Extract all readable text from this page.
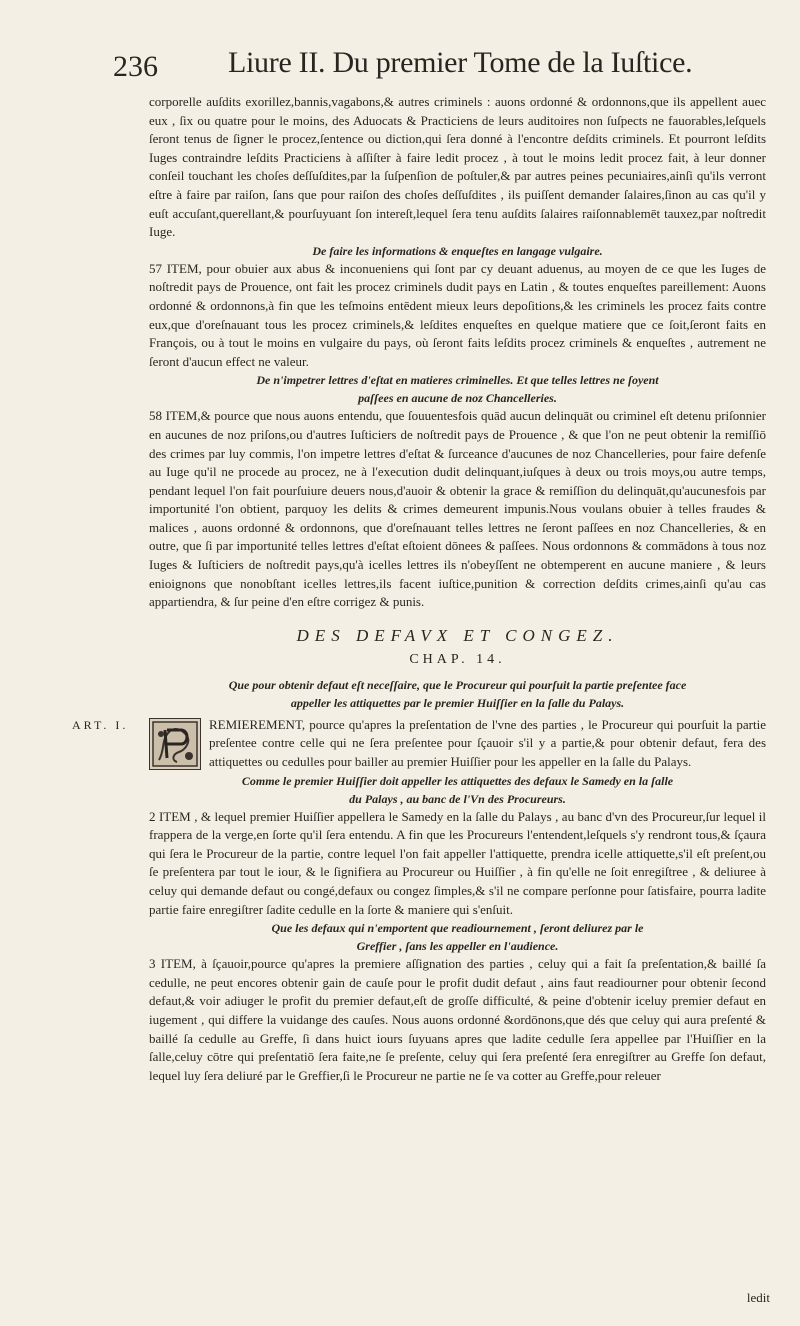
236 Liure II. Du premier Tome de la Iuſtice.

corporelle auſdits exorillez,bannis,vagabons,& autres criminels : auons ordonné & ordonnons,que ils appellent auec eux , ſix ou quatre pour le moins, des Aduocats & Practiciens de leurs auditoires non ſuſpects ne fauorables,leſquels ſeront tenus de ſigner le procez,ſentence ou diction,qui ſera donné à l'encontre deſdits criminels. Et pourront leſdits Iuges contraindre leſdits Practiciens à aſſiſter à faire ledit procez , à tout le moins ledit procez fait, à leur donner conſeil touchant les choſes deſſuſdites,par la ſuſpenſion de poſtuler,& par autres peines pecuniaires,ainſi qu'ils verront eſtre à faire par raiſon, ſans que pour raiſon des choſes deſſuſdites , ils puiſſent demander ſalaires,ſinon au cas qu'il y euſt accuſant,querellant,& pourſuyuant ſon intereſt,lequel ſera tenu auſdits ſalaires raiſonnablemēt tauxez,par noſtredit Iuge.

De faire les informations & enqueſtes en langage vulgaire.

57 ITEM, pour obuier aux abus & inconueniens qui ſont par cy deuant aduenus, au moyen de ce que les Iuges de noſtredit pays de Prouence, ont fait les procez criminels dudit pays en Latin , & toutes enqueſtes pareillement: Auons ordonné & ordonnons,à fin que les teſmoins entēdent mieux leurs depoſitions,& les criminels les procez faits contre eux,que d'oreſnauant tous les procez criminels,& leſdites enqueſtes en quelque matiere que ce ſoit,ſeront faits en François, ou à tout le moins en vulgaire du pays, où ſeront faits leſdits procez criminels & enqueſtes , autrement ne ſeront d'aucun effect ne valeur.

De n'impetrer lettres d'eſtat en matieres criminelles. Et que telles lettres ne ſoyent

paſſees en aucune de noz Chancelleries.

58 ITEM,& pource que nous auons entendu, que ſouuentesfois quād aucun delinquāt ou criminel eſt detenu priſonnier en aucunes de noz priſons,ou d'autres Iuſticiers de noſtredit pays de Prouence , & que l'on ne peut obtenir la remiſſiō des crimes par luy commis, l'on impetre lettres d'eſtat & ſurceance d'aucunes de noz Chancelleries, pour faire defenſe au Iuge qu'il ne procede au procez, ne à l'execution dudit delinquant,iuſques à deux ou trois moys,ou autre temps, pendant lequel l'on fait pourſuiure deuers nous,d'auoir & obtenir la grace & remiſſion du delinquāt,qu'aucunesfois par importunité l'on obtient, parquoy les delits & crimes demeurent impunis.Nous voulans obuier à telles fraudes & malices , auons ordonné & ordonnons, que d'oreſnauant telles lettres ne ſeront paſſees en noz Chancelleries, & en outre, que ſi par importunité telles lettres d'eſtat eſtoient dōnees & paſſees. Nous ordonnons & commādons à tous noz Iuges & Iuſticiers de noſtredit pays,qu'à icelles lettres ils n'obeyſſent ne obtemperent en aucune maniere , & leurs enioignons que nonobſtant icelles lettres,ils facent iuſtice,punition & correction deſdits crimes,ainſi qu'au cas appartiendra, & ſur peine d'en eſtre corrigez & punis.

DES DEFAVX ET CONGEZ.

CHAP. 14.

Que pour obtenir defaut eſt neceſſaire, que le Procureur qui pourſuit la partie preſentee face

appeller les attiquettes par le premier Huiſſier en la ſalle du Palays.

ART. I.	REMIEREMENT, pource qu'apres la preſentation de l'vne des parties , le Procureur qui pourſuit la partie preſentee contre celle qui ne ſera preſentee pour ſçauoir s'il y a partie,& pour obtenir defaut, fera des attiquettes ou cedulles pour bailler au premier Huiſſier pour les appeller en la ſalle du Palays.

Comme le premier Huiſſier doit appeller les attiquettes des defaux le Samedy en la ſalle

du Palays , au banc de l'Vn des Procureurs.

2 ITEM , & lequel premier Huiſſier appellera le Samedy en la ſalle du Palays , au banc d'vn des Procureur,ſur lequel il frappera de la verge,en ſorte qu'il ſera entendu. A fin que les Procureurs l'entendent,leſquels s'y rendront tous,& ſçaura qui ſera le Procureur de la partie, contre lequel l'on fait appeller l'attiquette, prendra icelle attiquette,s'il eſt preſent,ou ſe preſentera par tout le iour, & le ſignifiera au Procureur ou Huiſſier , à fin qu'elle ne ſoit enregiſtree , & deliuree à celuy qui demande defaut ou congé,defaux ou congez ſimples,& s'il ne compare perſonne pour ſatisfaire, pourra ladite partie faire enregiſtrer ſadite cedulle en la ſorte & maniere qui s'enſuit.

Que les defaux qui n'emportent que readiournement , ſeront deliurez par le

Greffier , ſans les appeller en l'audience.

3 ITEM, à ſçauoir,pource qu'apres la premiere aſſignation des parties , celuy qui a fait ſa preſentation,& baillé ſa cedulle, ne peut encores obtenir gain de cauſe pour le profit dudit defaut , ains faut readiourner pour obtenir ſecond defaut,& voir adiuger le profit du premier defaut,eſt de groſſe difficulté, & peine d'obtenir iceluy premier defaut en iugement , qui differe la vuidange des cauſes. Nous auons ordonné &ordōnons,que dés que celuy qui aura preſenté & baillé ſa cedulle au Greffe, ſi dans huict iours ſuyuans apres que ladite cedulle ſera appellee par l'Huiſſier en la ſalle,celuy cōtre qui preſentatiō ſera faite,ne ſe preſente, celuy qui ſera preſenté ſera enregiſtrer au Greffe ſon defaut, lequel luy ſera deliuré par le Greffier,ſi le Procureur ne partie ne ſe va cotter au Greffe,pour releuer

ledit
